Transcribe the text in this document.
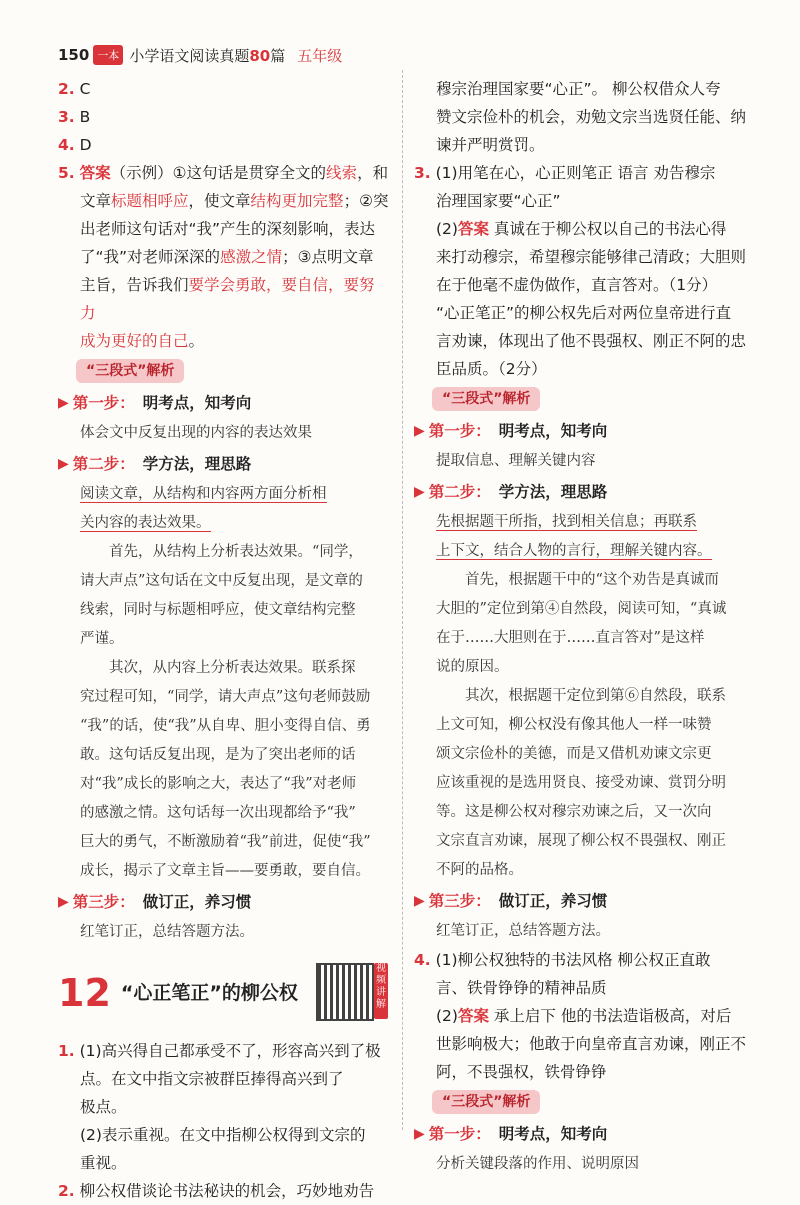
150 一本 小学语文阅读真题80篇 五年级

2. C

3. B

4. D

5. 答案（示例）①这句话是贯穿全文的线索，和

文章标题相呼应，使文章结构更加完整；②突

出老师这句话对“我”产生的深刻影响，表达

了“我”对老师深深的感激之情；③点明文章

主旨，告诉我们要学会勇敢，要自信，要努力

成为更好的自己。

“三段式”解析
▶ 第一步： 明考点，知考向

体会文中反复出现的内容的表达效果

▶ 第二步： 学方法，理思路
阅读文章，从结构和内容两方面分析相
关内容的表达效果。
首先，从结构上分析表达效果。“同学，
请大声点”这句话在文中反复出现，是文章的
线索，同时与标题相呼应，使文章结构完整
严谨。
其次，从内容上分析表达效果。联系探
究过程可知，“同学，请大声点”这句老师鼓励
“我”的话，使“我”从自卑、胆小变得自信、勇
敢。这句话反复出现，是为了突出老师的话
对“我”成长的影响之大，表达了“我”对老师
的感激之情。这句话每一次出现都给予“我”
巨大的勇气，不断激励着“我”前进，促使“我”
成长，揭示了文章主旨——要勇敢，要自信。
▶ 第三步： 做订正，养习惯

红笔订正，总结答题方法。

12 “心正笔正”的柳公权
视频讲解

1. (1)高兴得自己都承受不了，形容高兴到了极

点。在文中指文宗被群臣捧得高兴到了

极点。

(2)表示重视。在文中指柳公权得到文宗的

重视。

2. 柳公权借谈论书法秘诀的机会，巧妙地劝告

穆宗治理国家要“心正”。 柳公权借众人夸

赞文宗俭朴的机会，劝勉文宗当选贤任能、纳

谏并严明赏罚。

3. (1)用笔在心，心正则笔正 语言 劝告穆宗

治理国家要“心正”

(2)答案 真诚在于柳公权以自己的书法心得

来打动穆宗，希望穆宗能够律己清政；大胆则

在于他毫不虚伪做作，直言答对。（1分）

“心正笔正”的柳公权先后对两位皇帝进行直

言劝谏，体现出了他不畏强权、刚正不阿的忠

臣品质。（2分）

“三段式”解析
▶ 第一步： 明考点，知考向

提取信息、理解关键内容

▶ 第二步： 学方法，理思路
先根据题干所指，找到相关信息；再联系
上下文，结合人物的言行，理解关键内容。
首先，根据题干中的“这个劝告是真诚而
大胆的”定位到第④自然段，阅读可知，“真诚
在于……大胆则在于……直言答对”是这样
说的原因。
其次，根据题干定位到第⑥自然段，联系
上文可知，柳公权没有像其他人一样一味赞
颂文宗俭朴的美德，而是又借机劝谏文宗更
应该重视的是选用贤良、接受劝谏、赏罚分明
等。这是柳公权对穆宗劝谏之后，又一次向
文宗直言劝谏，展现了柳公权不畏强权、刚正
不阿的品格。
▶ 第三步： 做订正，养习惯

红笔订正，总结答题方法。

4. (1)柳公权独特的书法风格 柳公权正直敢

言、铁骨铮铮的精神品质

(2)答案 承上启下 他的书法造诣极高，对后

世影响极大；他敢于向皇帝直言劝谏，刚正不

阿，不畏强权，铁骨铮铮

“三段式”解析
▶ 第一步： 明考点，知考向

分析关键段落的作用、说明原因
